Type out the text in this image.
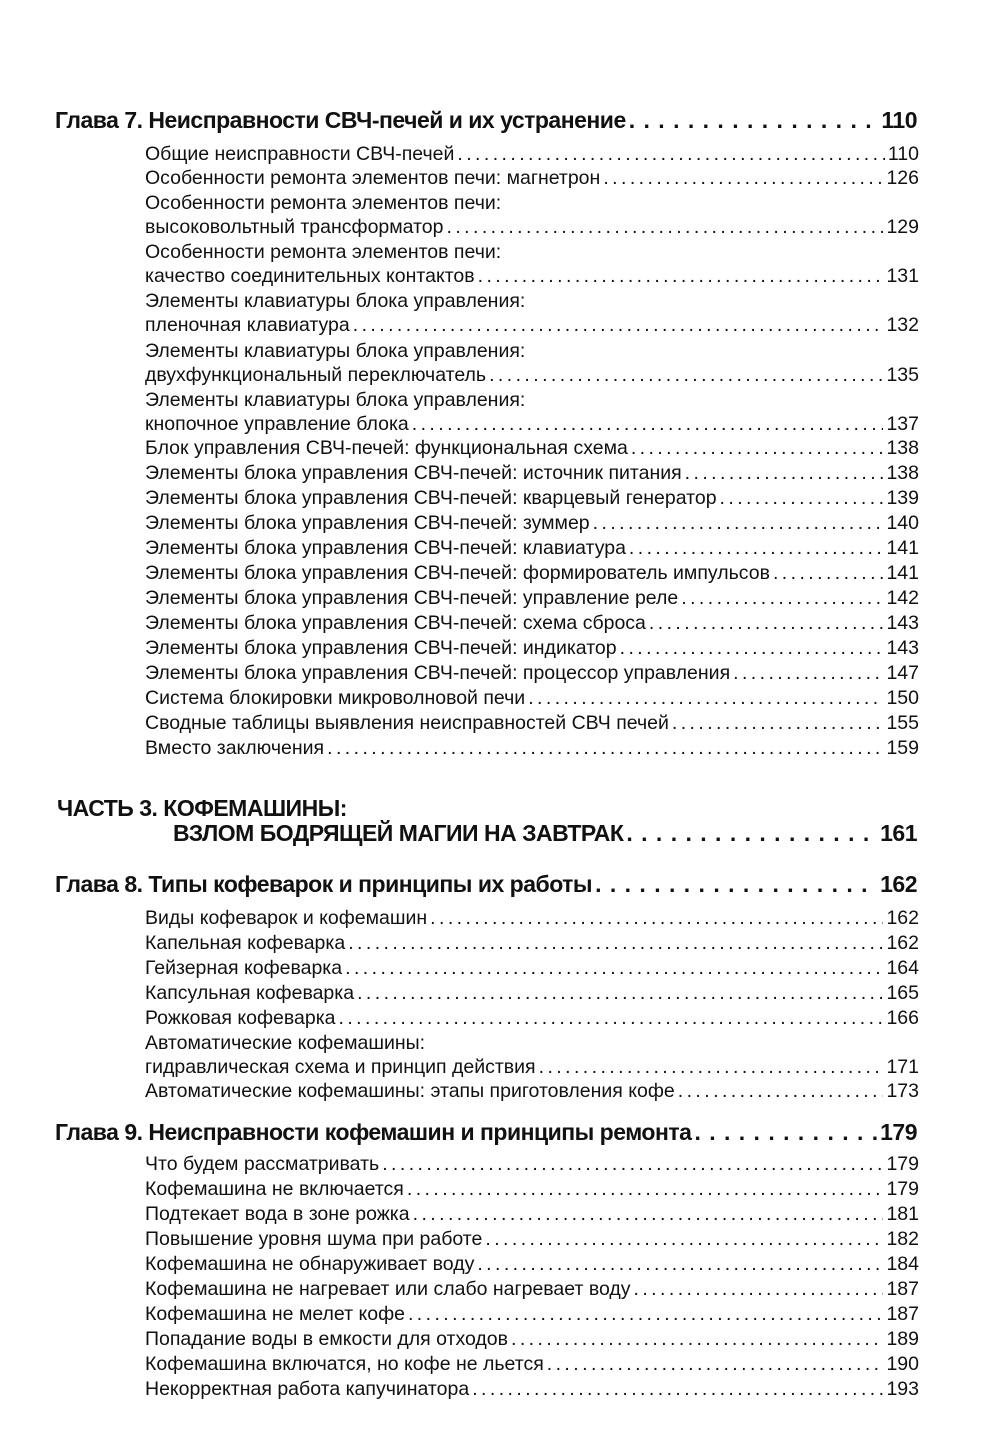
Глава 7. Неисправности СВЧ-печей и их устранение . . .	110
Общие неисправности СВЧ-печей . . .	110
Особенности ремонта элементов печи: магнетрон . . .	126
Особенности ремонта элементов печи:
высоковольтный трансформатор . . .	129
Особенности ремонта элементов печи:
качество соединительных контактов . . .	131
Элементы клавиатуры блока управления:
пленочная клавиатура . . .	132
Элементы клавиатуры блока управления:
двухфункциональный переключатель . . .	135
Элементы клавиатуры блока управления:
кнопочное управление блока . . .	137
Блок управления СВЧ-печей: функциональная схема . . .	138
Элементы блока управления СВЧ-печей: источник питания . . .	138
Элементы блока управления СВЧ-печей: кварцевый генератор . . .	139
Элементы блока управления СВЧ-печей: зуммер . . .	140
Элементы блока управления СВЧ-печей: клавиатура . . .	141
Элементы блока управления СВЧ-печей: формирователь импульсов . . .	141
Элементы блока управления СВЧ-печей: управление реле . . .	142
Элементы блока управления СВЧ-печей: схема сброса . . .	143
Элементы блока управления СВЧ-печей: индикатор . . .	143
Элементы блока управления СВЧ-печей: процессор управления . . .	147
Система блокировки микроволновой печи . . .	150
Сводные таблицы выявления неисправностей СВЧ печей . . .	155
Вместо заключения . . .	159
ЧАСТЬ 3. КОФЕМАШИНЫ:
ВЗЛОМ БОДРЯЩЕЙ МАГИИ НА ЗАВТРАК . . .	161
Глава 8. Типы кофеварок и принципы их работы . . .	162
Виды кофеварок и кофемашин . . .	162
Капельная кофеварка . . .	162
Гейзерная кофеварка . . .	164
Капсульная кофеварка . . .	165
Рожковая кофеварка . . .	166
Автоматические кофемашины:
гидравлическая схема и принцип действия . . .	171
Автоматические кофемашины: этапы приготовления кофе . . .	173
Глава 9. Неисправности кофемашин и принципы ремонта . . .	179
Что будем рассматривать . . .	179
Кофемашина не включается . . .	179
Подтекает вода в зоне рожка . . .	181
Повышение уровня шума при работе . . .	182
Кофемашина не обнаруживает воду . . .	184
Кофемашина не нагревает или слабо нагревает воду . . .	187
Кофемашина не мелет кофе . . .	187
Попадание воды в емкости для отходов . . .	189
Кофемашина включатся, но кофе не льется . . .	190
Некорректная работа капучинатора . . .	193
